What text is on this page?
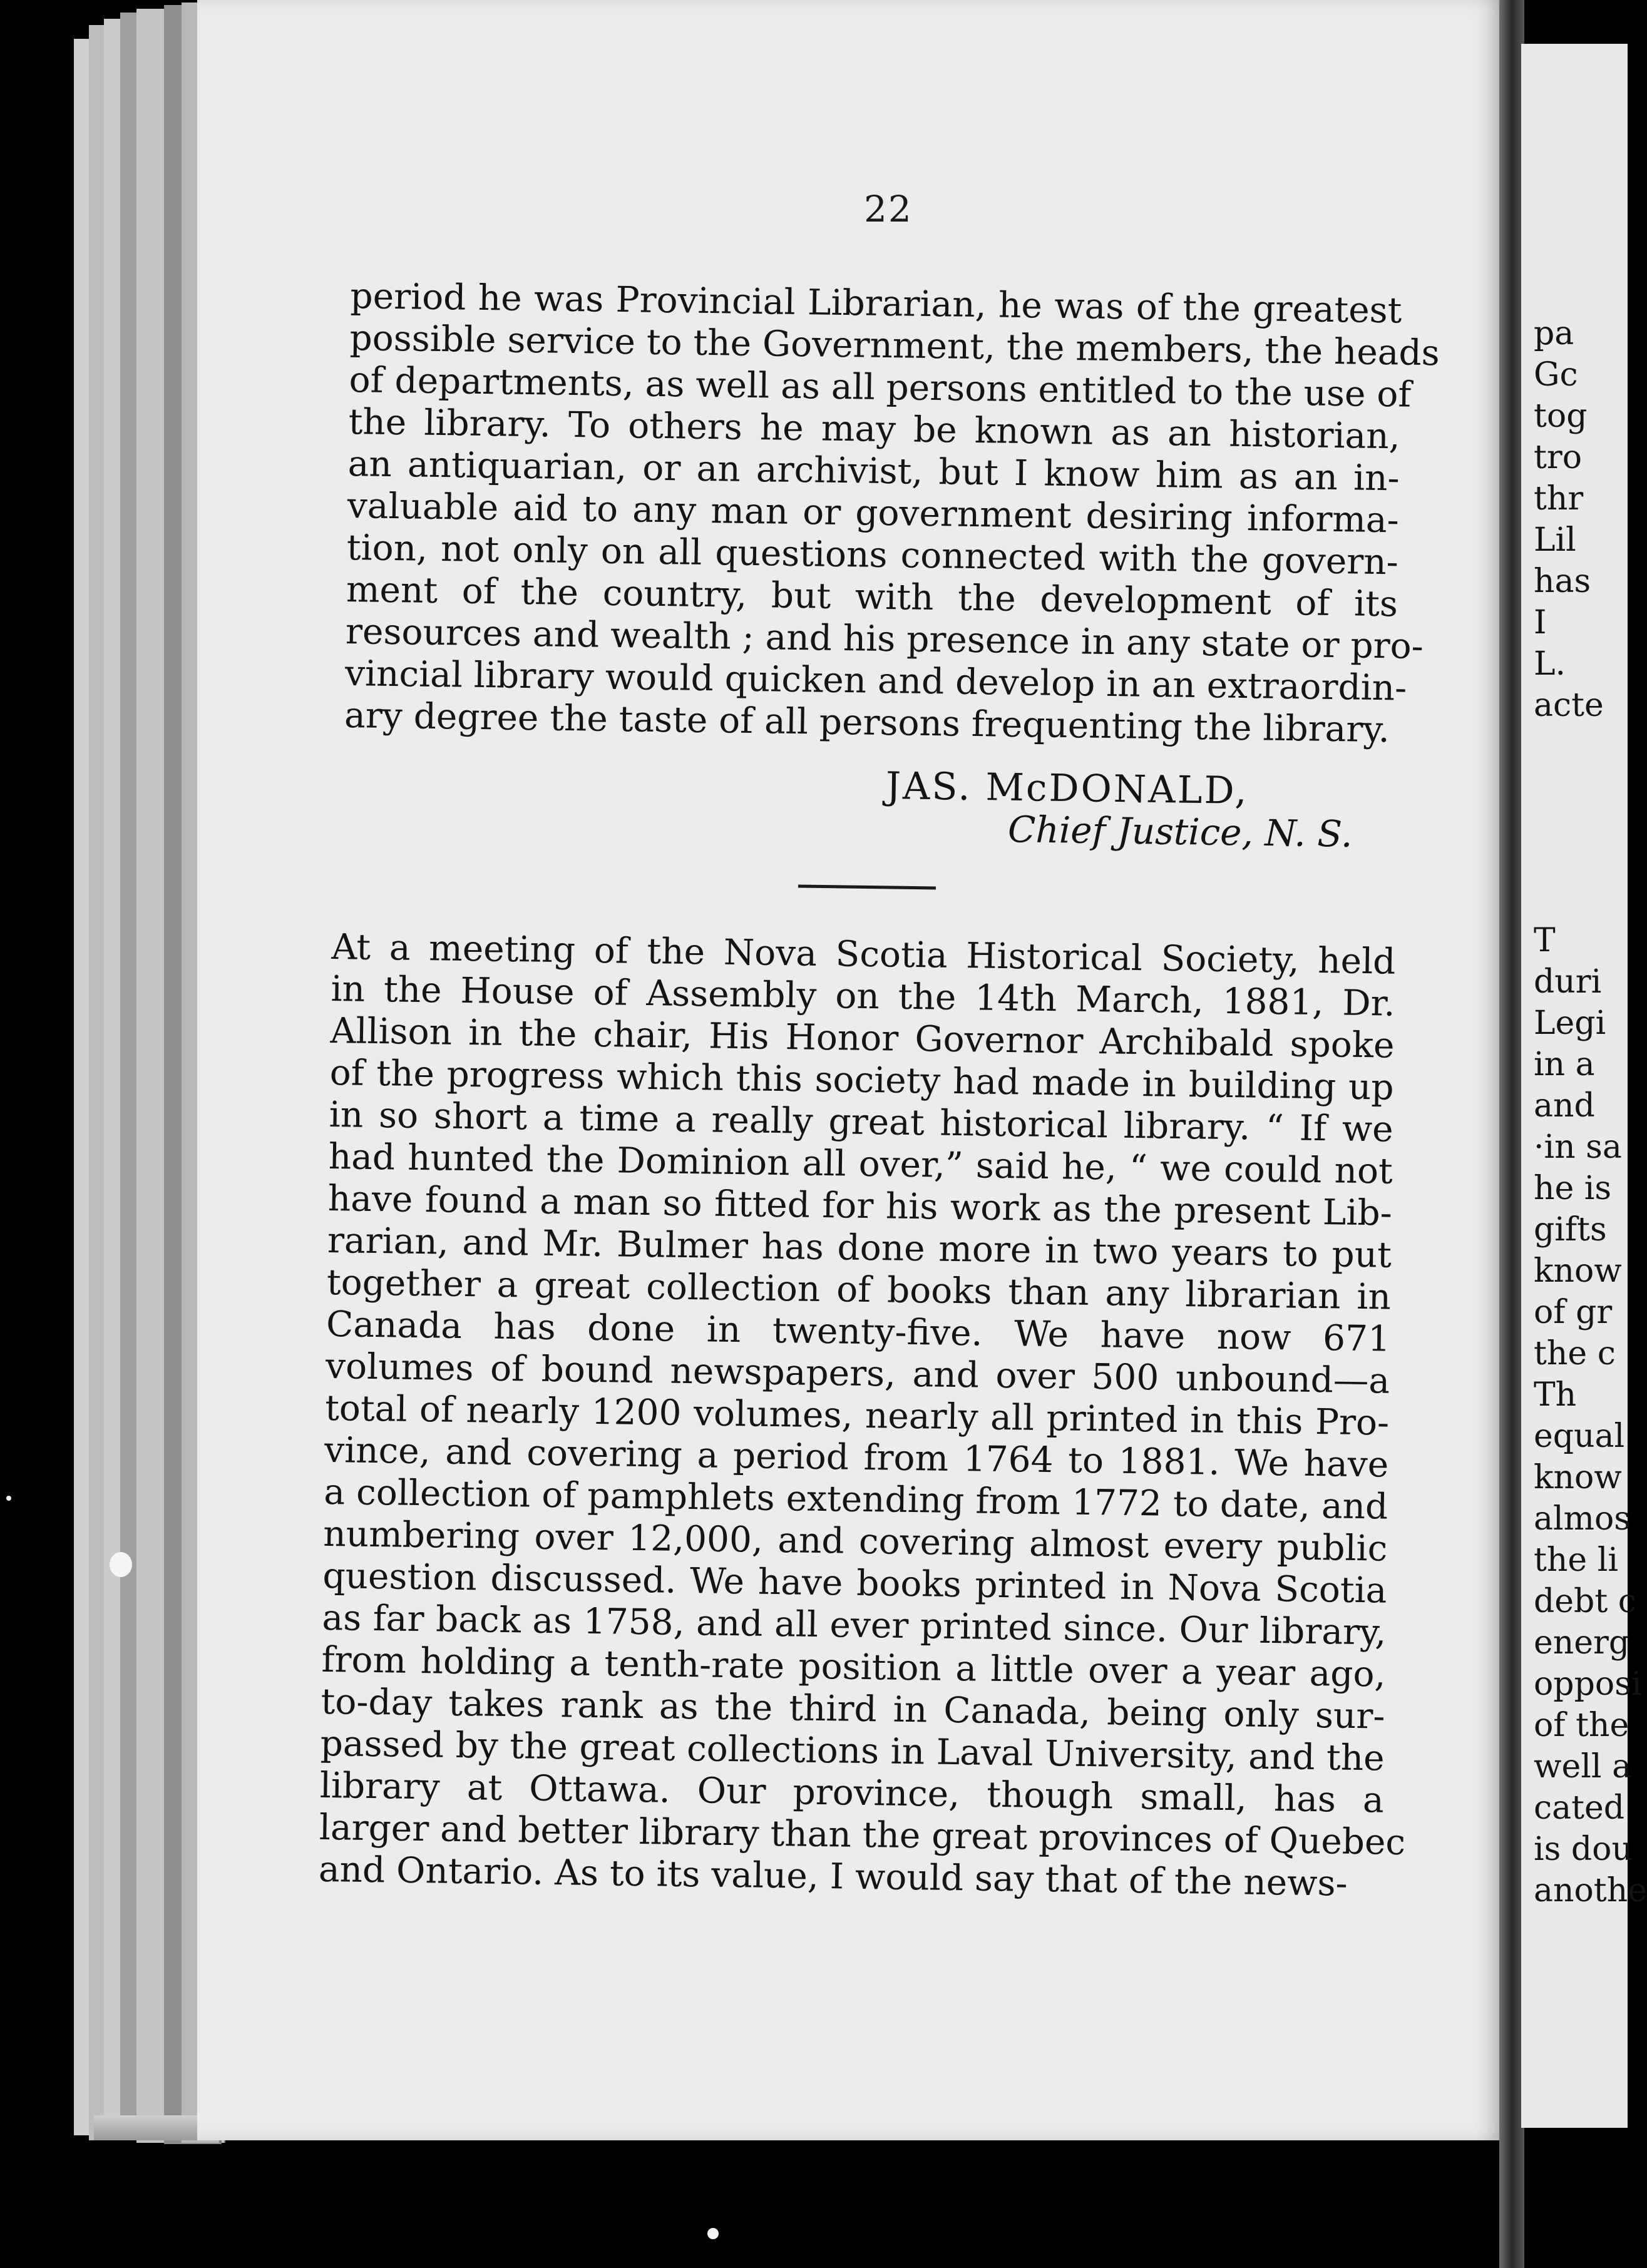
pa
Gc
tog
tro
thr
Lil
has
I
L.
acte
T
duri
Legi
in a
and
·in sa
he is
gifts
know
of gr
the c
Th
equal
know
almos
the li
debt c
energ
opposi
of the
well a
cated
is dou
anothe
22
period he was Provincial Librarian, he was of the greatest
possible service to the Government, the members, the heads
of departments, as well as all persons entitled to the use of
the library. To others he may be known as an historian,
an antiquarian, or an archivist, but I know him as an in-
valuable aid to any man or government desiring informa-
tion, not only on all questions connected with the govern-
ment of the country, but with the development of its
resources and wealth ; and his presence in any state or pro-
vincial library would quicken and develop in an extraordin-
ary degree the taste of all persons frequenting the library.
JAS. McDONALD,
Chief Justice, N. S.
At a meeting of the Nova Scotia Historical Society, held
in the House of Assembly on the 14th March, 1881, Dr.
Allison in the chair, His Honor Governor Archibald spoke
of the progress which this society had made in building up
in so short a time a really great historical library. “ If we
had hunted the Dominion all over,” said he, “ we could not
have found a man so fitted for his work as the present Lib-
rarian, and Mr. Bulmer has done more in two years to put
together a great collection of books than any librarian in
Canada has done in twenty-five. We have now 671
volumes of bound newspapers, and over 500 unbound—a
total of nearly 1200 volumes, nearly all printed in this Pro-
vince, and covering a period from 1764 to 1881. We have
a collection of pamphlets extending from 1772 to date, and
numbering over 12,000, and covering almost every public
question discussed. We have books printed in Nova Scotia
as far back as 1758, and all ever printed since. Our library,
from holding a tenth-rate position a little over a year ago,
to-day takes rank as the third in Canada, being only sur-
passed by the great collections in Laval University, and the
library at Ottawa. Our province, though small, has a
larger and better library than the great provinces of Quebec
and Ontario. As to its value, I would say that of the news-
